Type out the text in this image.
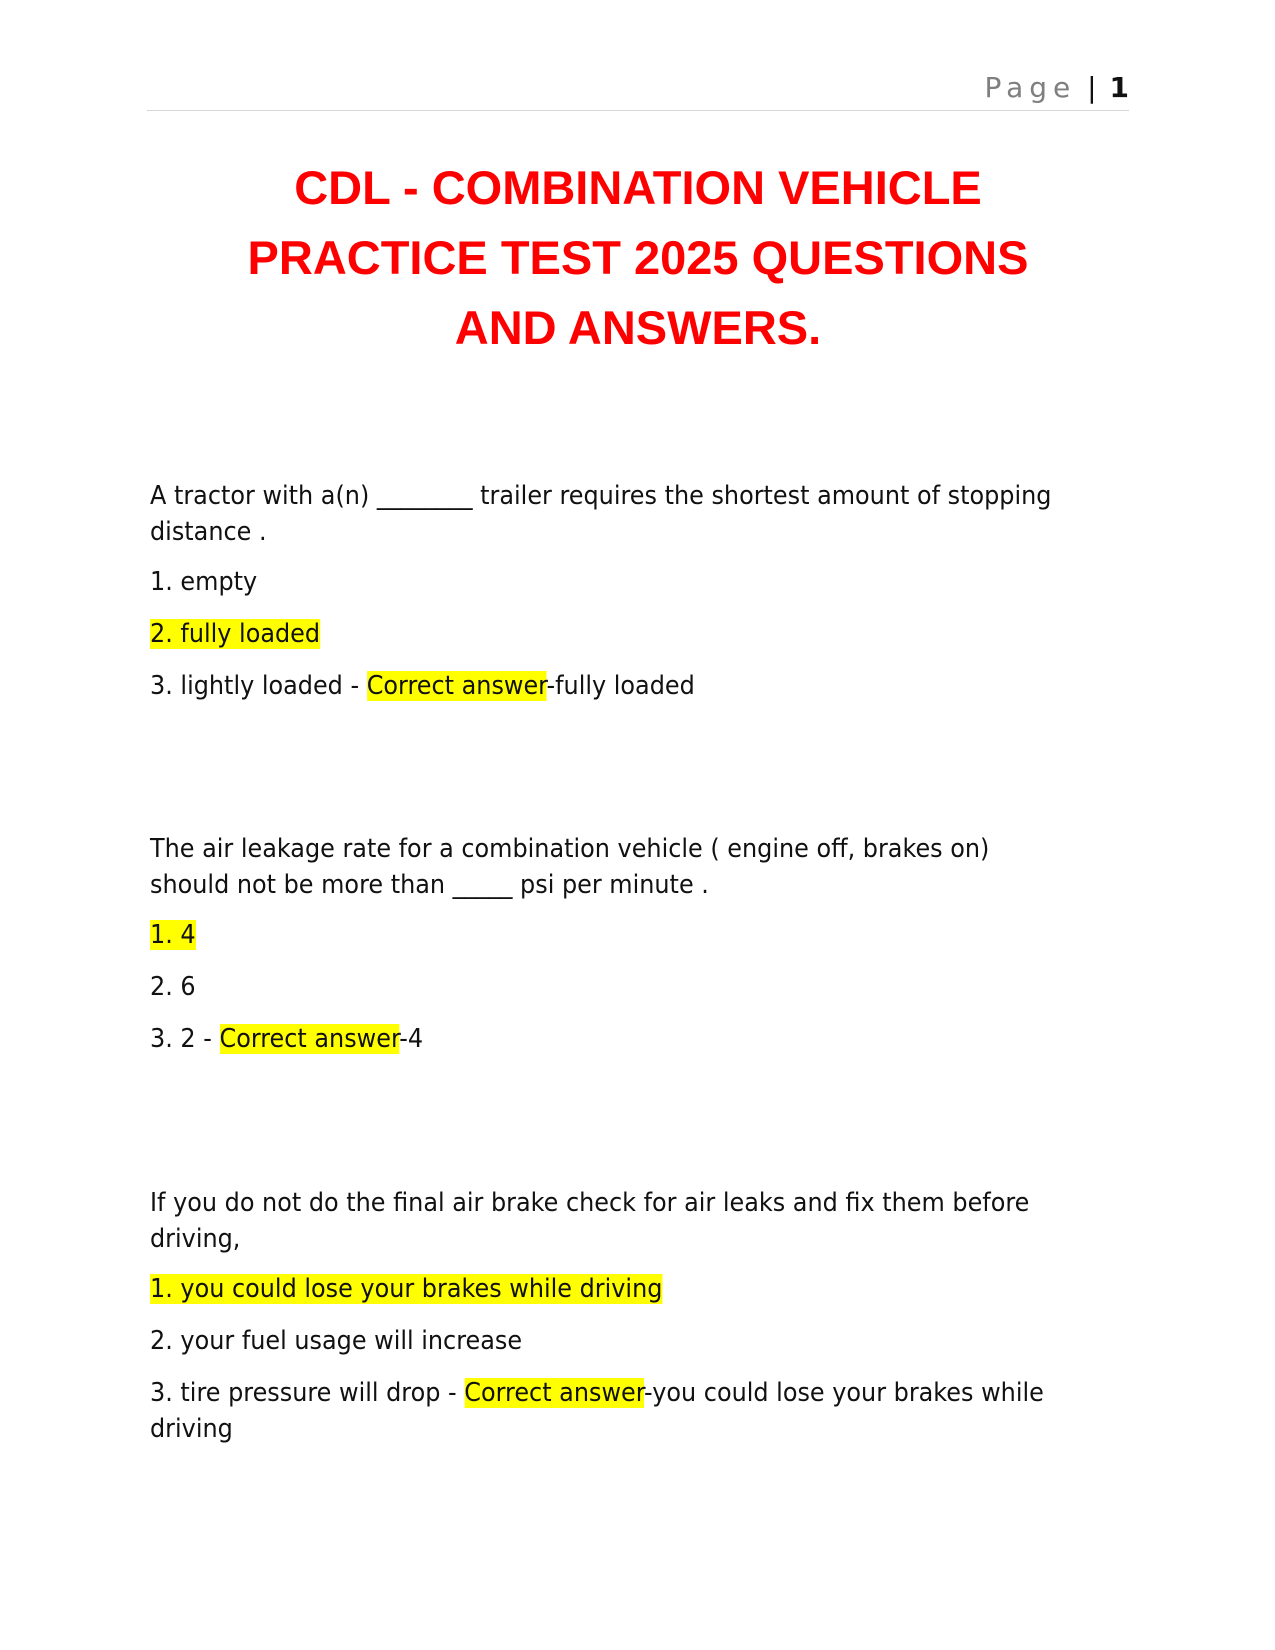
Page | 1
CDL - COMBINATION VEHICLE
PRACTICE TEST 2025 QUESTIONS
AND ANSWERS.

A tractor with a(n) ________ trailer requires the shortest amount of stopping distance .

1. empty

2. fully loaded

3. lightly loaded - Correct answer-fully loaded

The air leakage rate for a combination vehicle ( engine off, brakes on) should not be more than _____ psi per minute .

1. 4

2. 6

3. 2 - Correct answer-4

If you do not do the final air brake check for air leaks and fix them before driving,

1. you could lose your brakes while driving

2. your fuel usage will increase

3. tire pressure will drop - Correct answer-you could lose your brakes while driving
